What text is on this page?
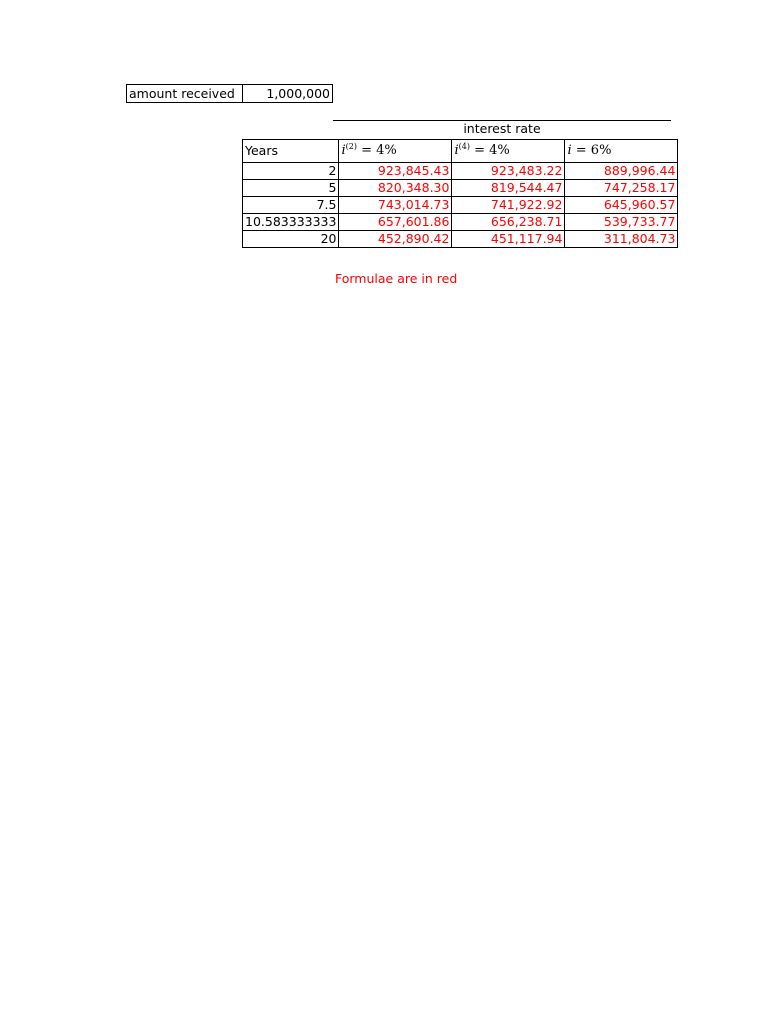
amount received	1,000,000
interest rate
Years	$i^{(2)} = 4\%$	$i^{(4)} = 4\%$	i = 6%
2	923,845.43	923,483.22	889,996.44
5	820,348.30	819,544.47	747,258.17
7.5	743,014.73	741,922.92	645,960.57
10.583333333	657,601.86	656,238.71	539,733.77
20	452,890.42	451,117.94	311,804.73
Formulae are in red
